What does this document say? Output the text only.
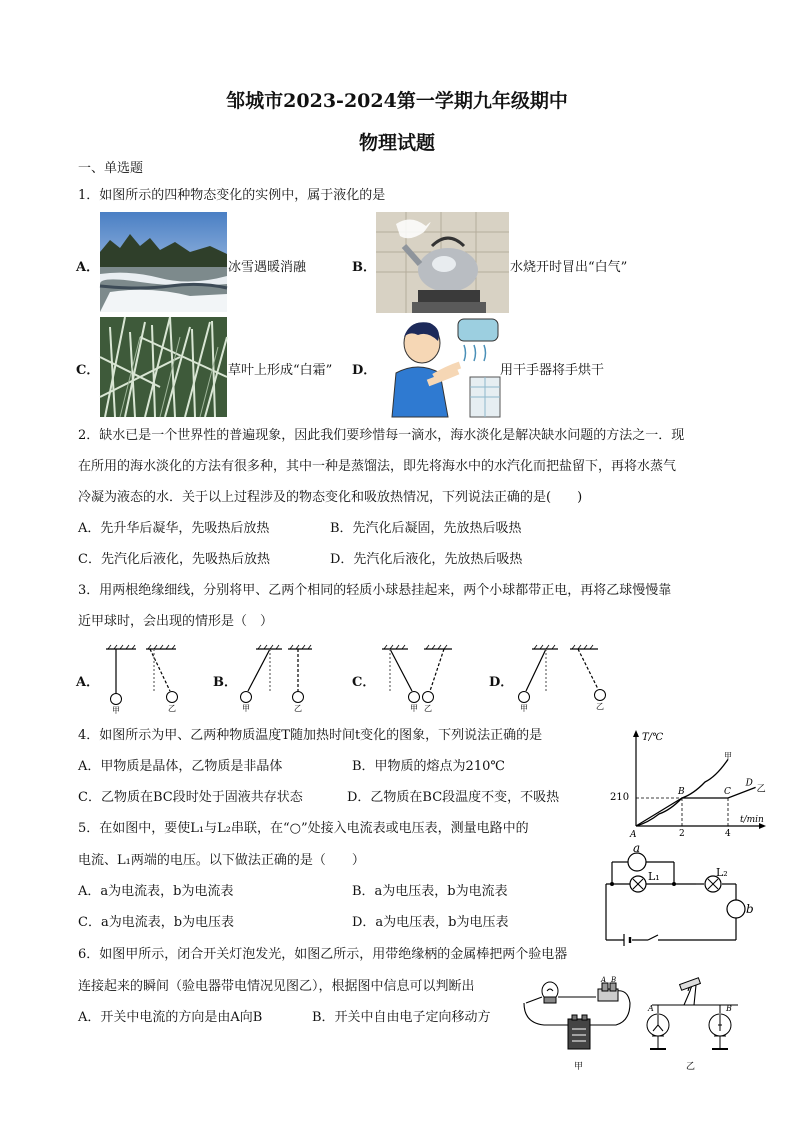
邹城市2023-2024第一学期九年级期中
物理试题
一、单选题
1．如图所示的四种物态变化的实例中，属于液化的是
A．	冰雪遇暖消融	B．	水烧开时冒出“白气”
C．	草叶上形成“白霜” D．	用干手器将手烘干
2．缺水已是一个世界性的普遍现象，因此我们要珍惜每一滴水，海水淡化是解决缺水问题的方法之一．现
在所用的海水淡化的方法有很多种，其中一种是蒸馏法，即先将海水中的水汽化而把盐留下，再将水蒸气
冷凝为液态的水．关于以上过程涉及的物态变化和吸放热情况，下列说法正确的是(　　)
A．先升华后凝华，先吸热后放热	B．先汽化后凝固，先放热后吸热
C．先汽化后液化，先吸热后放热	D．先汽化后液化，先放热后吸热
3．用两根绝缘细线，分别将甲、乙两个相同的轻质小球悬挂起来，两个小球都带正电，再将乙球慢慢靠
近甲球时，会出现的情形是（　）
A．
甲	乙
B．
甲	乙
C．
甲 乙
D．
甲	乙
4．如图所示为甲、乙两种物质温度T随加热时间t变化的图象，下列说法正确的是
A．甲物质是晶体，乙物质是非晶体	B．甲物质的熔点为210℃
C．乙物质在BC段时处于固液共存状态	D．乙物质在BC段温度不变，不吸热
T/℃
t/min
210
2	4
A
B	C
D
甲
乙
5．在如图中，要使L₁与L₂串联，在“○”处接入电流表或电压表，测量电路中的
电流、L₁两端的电压。以下做法正确的是（　　）
A．a为电流表，b为电流表	B．a为电压表，b为电流表
C．a为电流表，b为电压表	D．a为电压表，b为电压表
a
b
L₁	L₂
6．如图甲所示，闭合开关灯泡发光，如图乙所示，用带绝缘柄的金属棒把两个验电器
连接起来的瞬间（验电器带电情况见图乙），根据图中信息可以判断出
A．开关中电流的方向是由A向B	B．开关中自由电子定向移动方
A B
甲
A	B
乙
